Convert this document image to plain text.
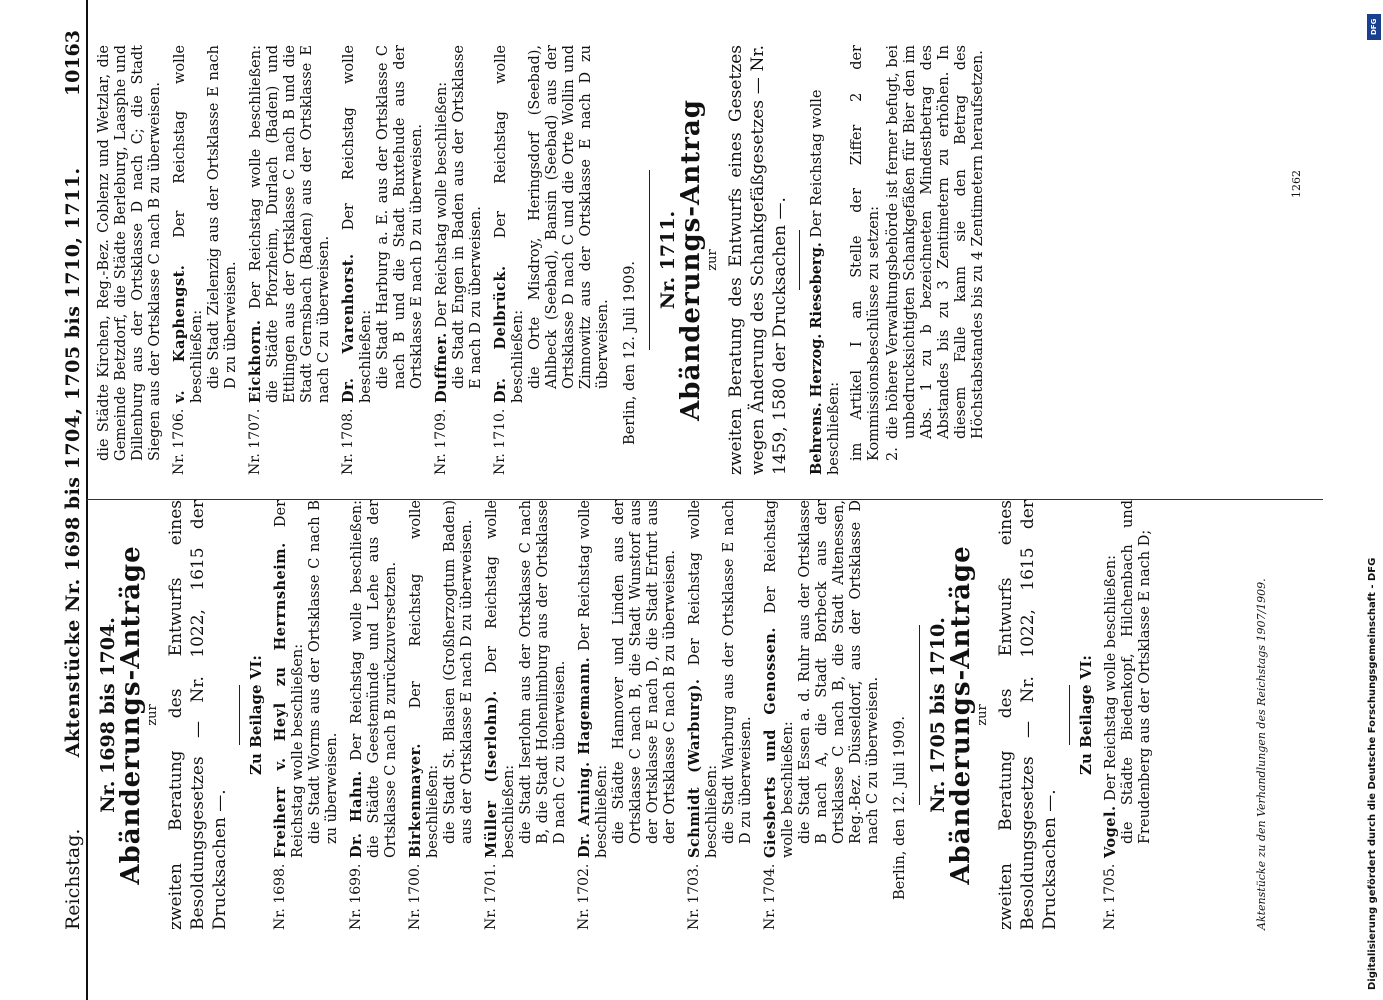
Reichstag.
Aktenstücke Nr. 1698 bis 1704, 1705 bis 1710, 1711.
10163
Nr. 1698 bis 1704.
Abänderungs-Anträge zur zweiten Beratung des Entwurfs eines Besoldungsgesetzes — Nr. 1022, 1615 der Drucksachen —.
Zu Beilage VI:
Nr. 1698.
Freiherr v. Heyl zu Herrnsheim. Der Reichstag wolle beschließen: die Stadt Worms aus der Ortsklasse C nach B zu überweisen.
Nr. 1699.
Dr. Hahn. Der Reichstag wolle beschließen: die Städte Geestemünde und Lehe aus der Ortsklasse C nach B zurückzuversetzen.
Nr. 1700.
Birkenmayer. Der Reichstag wolle beschließen: die Stadt St. Blasien (Großherzogtum Baden) aus der Ortsklasse E nach D zu überweisen.
Nr. 1701.
Müller (Iserlohn). Der Reichstag wolle beschließen: die Stadt Iserlohn aus der Ortsklasse C nach B, die Stadt Hohenlimburg aus der Ortsklasse D nach C zu überweisen.
Nr. 1702.
Dr. Arning. Hagemann. Der Reichstag wolle beschließen: die Städte Hannover und Linden aus der Ortsklasse C nach B, die Stadt Wunstorf aus der Ortsklasse E nach D, die Stadt Erfurt aus der Ortsklasse C nach B zu überweisen.
Nr. 1703.
Schmidt (Warburg). Der Reichstag wolle beschließen: die Stadt Warburg aus der Ortsklasse E nach D zu überweisen.
Nr. 1704.
Giesberts und Genossen. Der Reichstag wolle beschließen: die Stadt Essen a. d. Ruhr aus der Ortsklasse B nach A, die Stadt Borbeck aus der Ortsklasse C nach B, die Stadt Altenessen, Reg.-Bez. Düsseldorf, aus der Ortsklasse D nach C zu überweisen. Berlin, den 12. Juli 1909. Nr. 1705 bis 1710.
Abänderungs-Anträge zur zweiten Beratung des Entwurfs eines Besoldungsgesetzes — Nr. 1022, 1615 der Drucksachen —.
Zu Beilage VI:
Nr. 1705.
Vogel. Der Reichstag wolle beschließen: die Städte Biedenkopf, Hilchenbach und Freudenberg aus der Ortsklasse E nach D;	Aktenstücke zu den Verhandlungen des Reichstags 1907/1909.
die Städte Kirchen, Reg.-Bez. Coblenz und Wetzlar, die Gemeinde Betzdorf, die Städte Berleburg, Laasphe und Dillenburg aus der Ortsklasse D nach C; die Stadt Siegen aus der Ortsklasse C nach B zu überweisen. Nr. 1706.
v. Kaphengst. Der Reichstag wolle beschließen: die Stadt Zielenzig aus der Ortsklasse E nach D zu überweisen.
Nr. 1707.
Eickhorn. Der Reichstag wolle beschließen: die Städte Pforzheim, Durlach (Baden) und Ettlingen aus der Ortsklasse C nach B und die Stadt Gernsbach (Baden) aus der Ortsklasse E nach C zu überweisen.
Nr. 1708.
Dr. Varenhorst. Der Reichstag wolle beschließen: die Stadt Harburg a. E. aus der Ortsklasse C nach B und die Stadt Buxtehude aus der Ortsklasse E nach D zu überweisen.
Nr. 1709.
Duffner. Der Reichstag wolle beschließen: die Stadt Engen in Baden aus der Ortsklasse E nach D zu überweisen.
Nr. 1710.
Dr. Delbrück. Der Reichstag wolle beschließen: die Orte Misdroy, Heringsdorf (Seebad), Ahlbeck (Seebad), Bansin (Seebad) aus der Ortsklasse D nach C und die Orte Wollin und Zinnowitz aus der Ortsklasse E nach D zu überweisen. Berlin, den 12. Juli 1909.
Nr. 1711.
Abänderungs-Antrag zur zweiten Beratung des Entwurfs eines Gesetzes wegen Änderung des Schankgefäßgesetzes — Nr. 1459, 1580 der Drucksachen —. Behrens. Herzog. Rieseberg. Der Reichstag wolle beschließen: im Artikel I an Stelle der Ziffer 2 der Kommissionsbeschlüsse zu setzen: 2.
die höhere Verwaltungsbehörde ist ferner befugt, bei unbedrucksichtigten Schankgefäßen für Bier den im Abs. 1 zu b bezeichneten Mindestbetrag des Abstandes bis zu 3 Zentimetern zu erhöhen. In diesem Falle kann sie den Betrag des Höchstabstandes bis zu 4 Zentimetern heraufsetzen.	1262
DFG
Digitalisierung gefördert durch die Deutsche Forschungsgemeinschaft - DFG
